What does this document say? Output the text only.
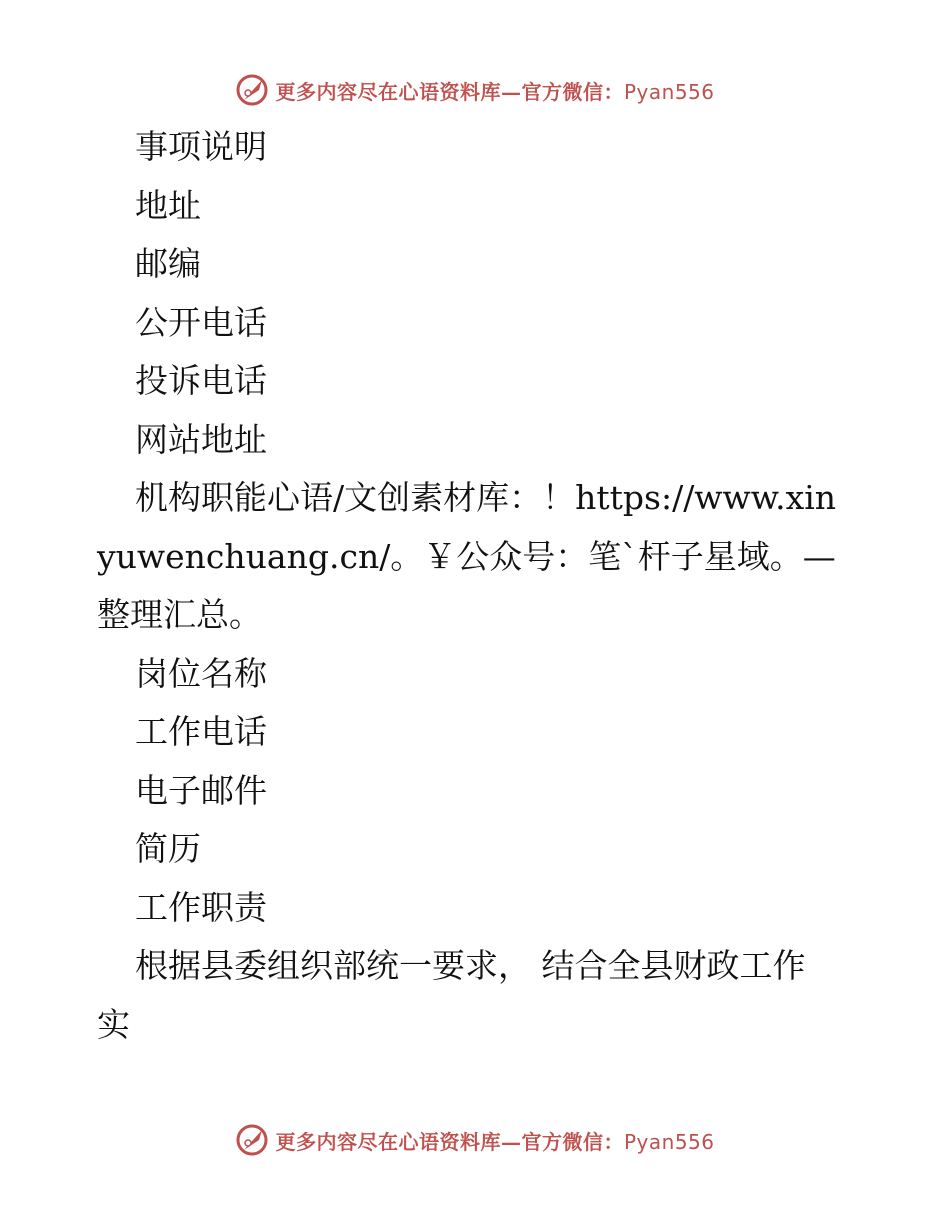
更多内容尽在心语资料库—官方微信：Pyan556
事项说明
地址
邮编
公开电话
投诉电话
网站地址
机构职能心语/文创素材库：！https://www.xinyuwenchuang.cn/。￥公众号：笔`杆子星域。—整理汇总。
岗位名称
工作电话
电子邮件
简历
工作职责
根据县委组织部统一要求， 结合全县财政工作实
更多内容尽在心语资料库—官方微信：Pyan556
